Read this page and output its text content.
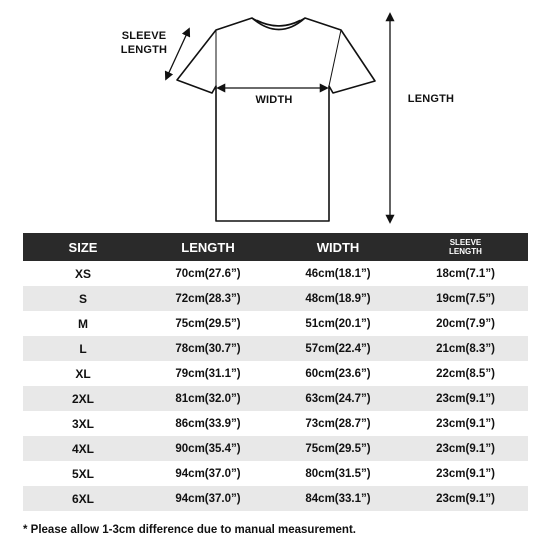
SLEEVE
LENGTH
WIDTH	LENGTH
SIZE	LENGTH	WIDTH	SLEEVE
LENGTH

XS	70cm(27.6”)	46cm(18.1”)	18cm(7.1”)
S	72cm(28.3”)	48cm(18.9”)	19cm(7.5”)
M	75cm(29.5”)	51cm(20.1”)	20cm(7.9”)
L	78cm(30.7”)	57cm(22.4”)	21cm(8.3”)
XL	79cm(31.1”)	60cm(23.6”)	22cm(8.5”)
2XL	81cm(32.0”)	63cm(24.7”)	23cm(9.1”)
3XL	86cm(33.9”)	73cm(28.7”)	23cm(9.1”)
4XL	90cm(35.4”)	75cm(29.5”)	23cm(9.1”)
5XL	94cm(37.0”)	80cm(31.5”)	23cm(9.1”)
6XL	94cm(37.0”)	84cm(33.1”)	23cm(9.1”)
* Please allow 1-3cm difference due to manual measurement.
